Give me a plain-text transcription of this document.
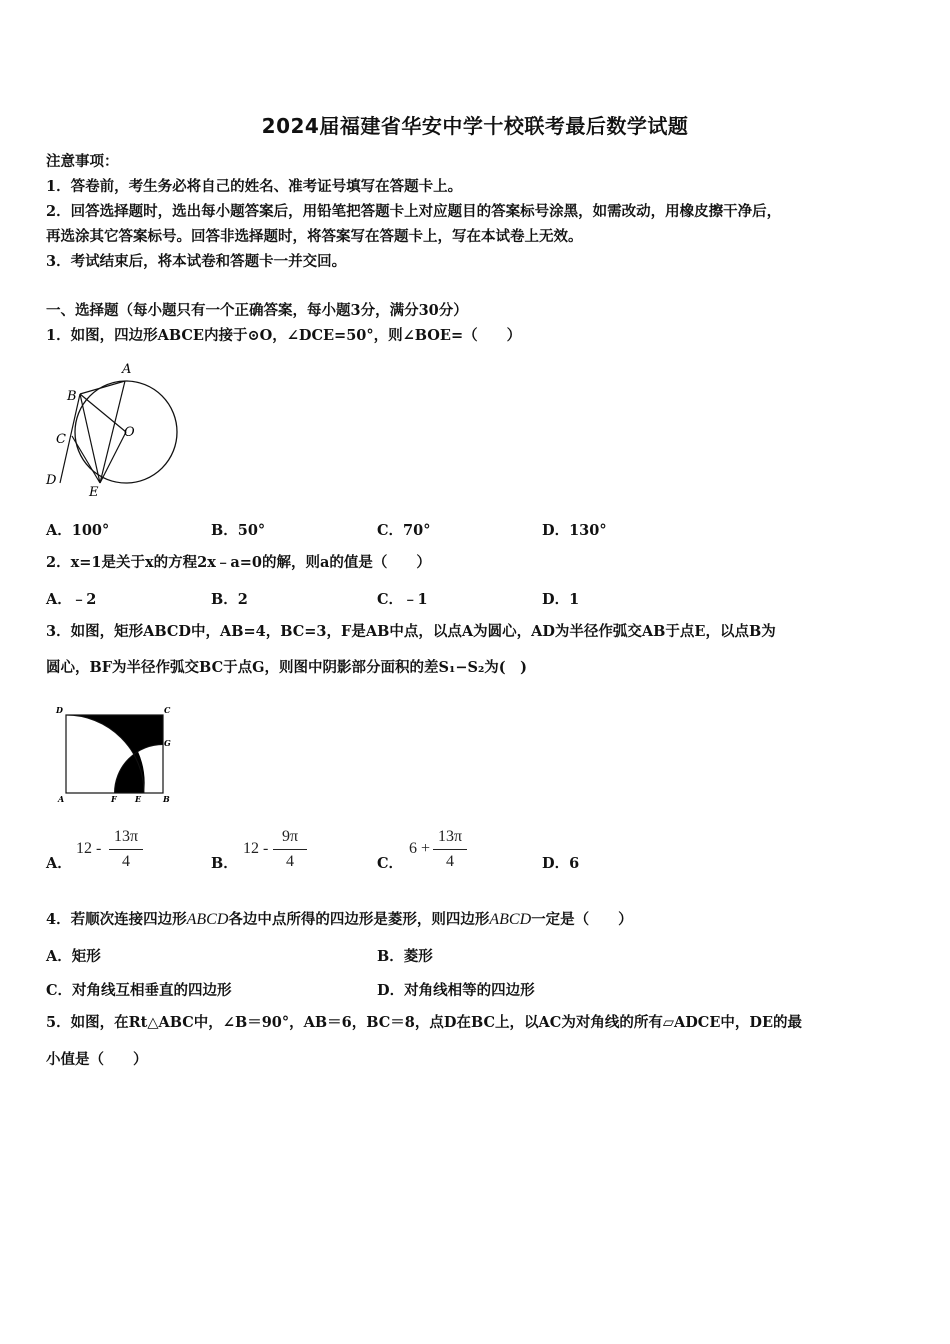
2024届福建省华安中学十校联考最后数学试题
注意事项：
1．答卷前，考生务必将自己的姓名、准考证号填写在答题卡上。
2．回答选择题时，选出每小题答案后，用铅笔把答题卡上对应题目的答案标号涂黑，如需改动，用橡皮擦干净后，
再选涂其它答案标号。回答非选择题时，将答案写在答题卡上，写在本试卷上无效。
3．考试结束后，将本试卷和答题卡一并交回。
一、选择题（每小题只有一个正确答案，每小题3分，满分30分）
1．如图，四边形ABCE内接于⊙O，∠DCE=50°，则∠BOE=（　　）
A
B
C
D
E
O
A．100°	B．50°	C．70°	D．130°
2．x=1是关于x的方程2x﹣a=0的解，则a的值是（　　）
A．﹣2	B．2	C．﹣1	D．1
3．如图，矩形ABCD中，AB=4，BC=3，F是AB中点，以点A为圆心，AD为半径作弧交AB于点E，以点B为
圆心，BF为半径作弧交BC于点G，则图中阴影部分面积的差S₁−S₂为(　)
D	C
G
A	F E	B
A．
12 -
13π
4	B．
12 -
9π
4	C．
6 +
13π
4	D．6
4．若顺次连接四边形ABCD各边中点所得的四边形是菱形，则四边形ABCD一定是（　　）
A．矩形	B．菱形
C．对角线互相垂直的四边形	D．对角线相等的四边形
5．如图，在Rt△ABC中，∠B＝90°，AB＝6，BC＝8，点D在BC上，以AC为对角线的所有▱ADCE中，DE的最
小值是（　　）
